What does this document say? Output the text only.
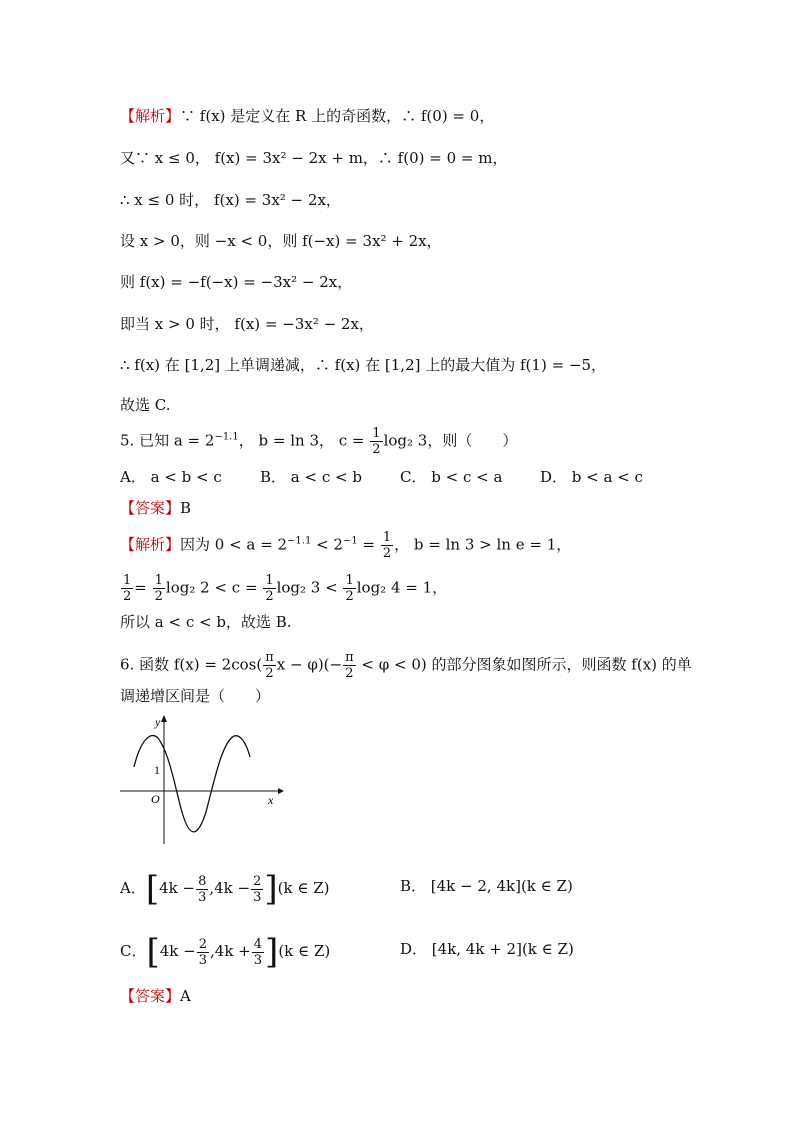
【解析】∵ f(x) 是定义在 R 上的奇函数，∴ f(0) = 0，
又∵ x ≤ 0， f(x) = 3x² − 2x + m，∴ f(0) = 0 = m，
∴ x ≤ 0 时， f(x) = 3x² − 2x，
设 x > 0，则 −x < 0，则 f(−x) = 3x² + 2x，
则 f(x) = −f(−x) = −3x² − 2x，
即当 x > 0 时， f(x) = −3x² − 2x，
∴ f(x) 在 [1,2] 上单调递减，∴ f(x) 在 [1,2] 上的最大值为 f(1) = −5，
故选 C.
5. 已知 $a = 2^{-1.1}$， b = ln 3， $c = \frac{1}{2} \log_2$ 3，则（　　）
A． a < b < c	B． a < c < b	C． b < c < a	D． b < a < c
【答案】B
【解析】因为 $0 < a = 2^{-1.1} < 2^{-1} = \frac{1}{2}$ ， b = ln 3 > ln e = 1，
$\frac{1}{2} = \frac{1}{2} \log_2$ $2 < c = \frac{1}{2} \log_2$ $3 < \frac{1}{2} \log_2$ 4 = 1，
所以 a < c < b，故选 B.
6. 函数 $f(x) = 2\cos( \frac{\pi}{2}$ $x - \varphi)(- \frac{\pi}{2} < \varphi < 0)$ 的部分图象如图所示，则函数 f(x) 的单
调递增区间是（　　）
y
x
O
1
A．$[4k - \frac{8}{3} ,4k - \frac{2}{3} ](k$ ∈ Z)	B． [4k − 2, 4k](k ∈ Z)
C．$[4k - \frac{2}{3} ,4k + \frac{4}{3} ](k$ ∈ Z)	D． [4k, 4k + 2](k ∈ Z)
【答案】A
